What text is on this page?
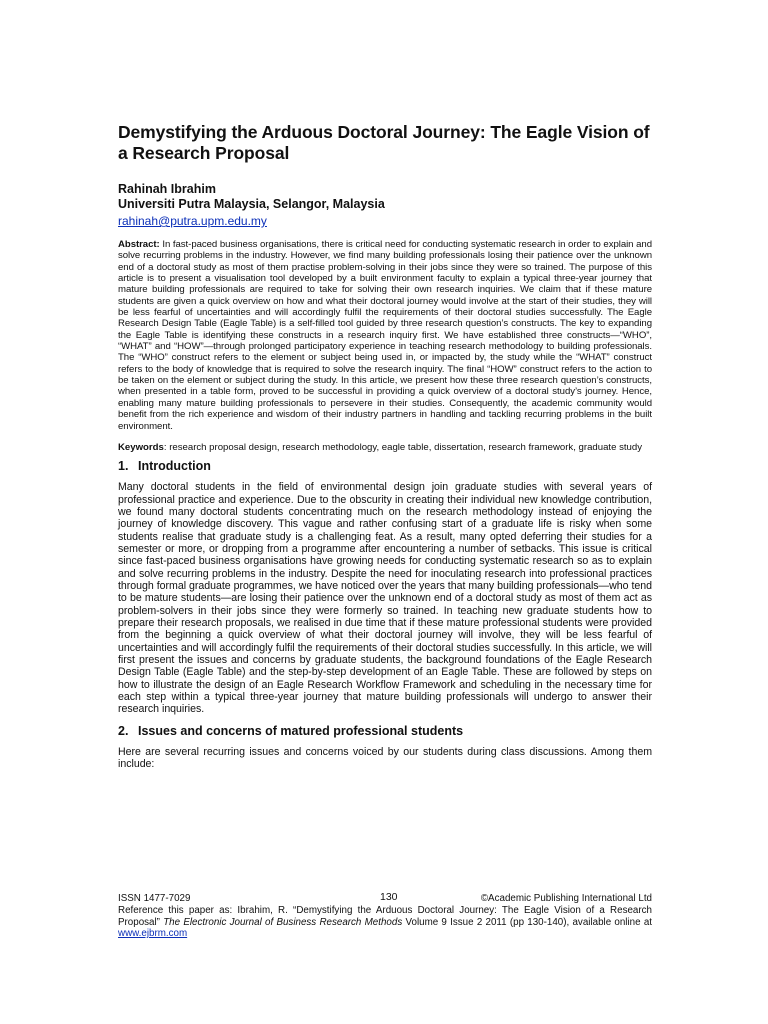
Demystifying the Arduous Doctoral Journey: The Eagle Vision of a Research Proposal
Rahinah Ibrahim
Universiti Putra Malaysia, Selangor, Malaysia
rahinah@putra.upm.edu.my

Abstract: In fast-paced business organisations, there is critical need for conducting systematic research in order to explain and solve recurring problems in the industry. However, we find many building professionals losing their patience over the unknown end of a doctoral study as most of them practise problem-solving in their jobs since they were so trained. The purpose of this article is to present a visualisation tool developed by a built environment faculty to explain a typical three-year journey that mature building professionals are required to take for solving their own research inquiries. We claim that if these mature students are given a quick overview on how and what their doctoral journey would involve at the start of their studies, they will be less fearful of uncertainties and will accordingly fulfil the requirements of their doctoral studies successfully. The Eagle Research Design Table (Eagle Table) is a self-filled tool guided by three research question’s constructs. The key to expanding the Eagle Table is identifying these constructs in a research inquiry first. We have established three constructs—“WHO”, “WHAT” and “HOW”—through prolonged participatory experience in teaching research methodology to building professionals. The “WHO” construct refers to the element or subject being used in, or impacted by, the study while the “WHAT” construct refers to the body of knowledge that is required to solve the research inquiry. The final “HOW” construct refers to the action to be taken on the element or subject during the study. In this article, we present how these three research question’s constructs, when presented in a table form, proved to be successful in providing a quick overview of a doctoral study’s journey. Hence, enabling many mature building professionals to persevere in their studies. Consequently, the academic community would benefit from the rich experience and wisdom of their industry partners in handling and tackling recurring problems in the built environment.

Keywords: research proposal design, research methodology, eagle table, dissertation, research framework, graduate study

1. Introduction

Many doctoral students in the field of environmental design join graduate studies with several years of professional practice and experience. Due to the obscurity in creating their individual new knowledge contribution, we found many doctoral students concentrating much on the research methodology instead of enjoying the journey of knowledge discovery. This vague and rather confusing start of a graduate life is risky when some students realise that graduate study is a challenging feat. As a result, many opted deferring their studies for a semester or more, or dropping from a programme after encountering a number of setbacks. This issue is critical since fast-paced business organisations have growing needs for conducting systematic research so as to explain and solve recurring problems in the industry. Despite the need for inoculating research into professional practices through formal graduate programmes, we have noticed over the years that many building professionals—who tend to be mature students—are losing their patience over the unknown end of a doctoral study as most of them act as problem-solvers in their jobs since they were formerly so trained. In teaching new graduate students how to prepare their research proposals, we realised in due time that if these mature professional students were provided from the beginning a quick overview of what their doctoral journey will involve, they will be less fearful of uncertainties and will accordingly fulfil the requirements of their doctoral studies successfully. In this article, we will first present the issues and concerns by graduate students, the background foundations of the Eagle Research Design Table (Eagle Table) and the step-by-step development of an Eagle Table. These are followed by steps on how to illustrate the design of an Eagle Research Workflow Framework and scheduling in the necessary time for each step within a typical three-year journey that mature building professionals will undergo to answer their research inquiries.

2. Issues and concerns of matured professional students

Here are several recurring issues and concerns voiced by our students during class discussions. Among them include:

ISSN 1477-7029	130	©Academic Publishing International Ltd
Reference this paper as: Ibrahim, R. “Demystifying the Arduous Doctoral Journey: The Eagle Vision of a Research Proposal” The Electronic Journal of Business Research Methods Volume 9 Issue 2 2011 (pp 130-140), available online at www.ejbrm.com
